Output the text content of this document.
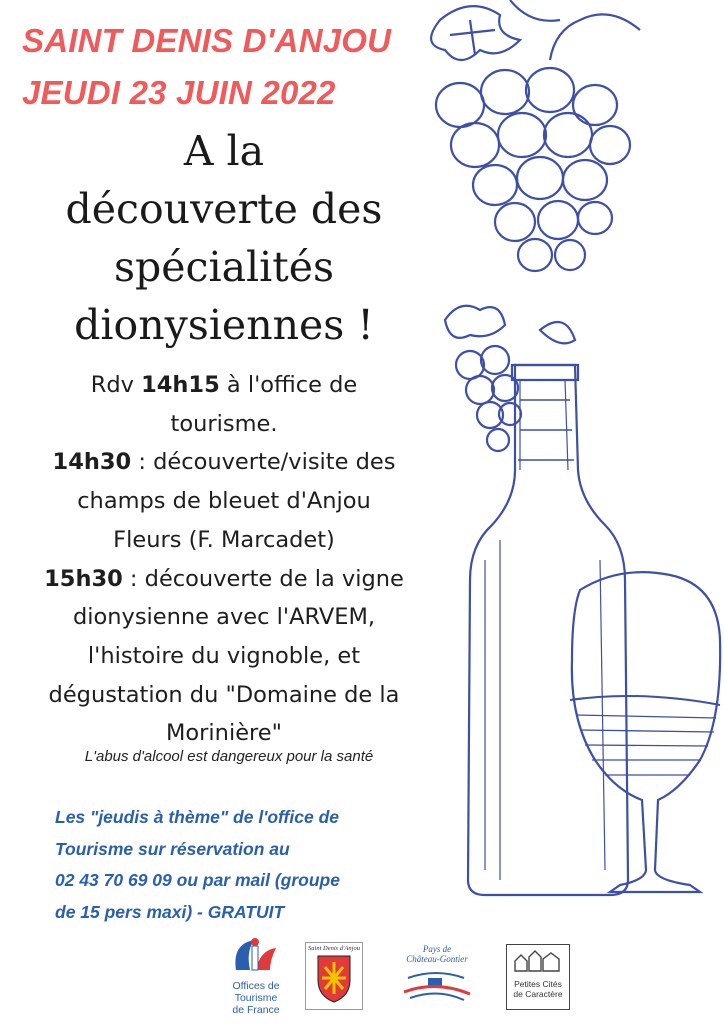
SAINT DENIS D'ANJOU
JEUDI 23 JUIN 2022
A la
découverte des
spécialités
dionysiennes !
Rdv 14h15 à l'office de
tourisme.
14h30 : découverte/visite des
champs de bleuet d'Anjou
Fleurs (F. Marcadet)
15h30 : découverte de la vigne
dionysienne avec l'ARVEM,
l'histoire du vignoble, et
dégustation du "Domaine de la
Morinière"
L'abus d'alcool est dangereux pour la santé
Les "jeudis à thème" de l'office de
Tourisme sur réservation au
02 43 70 69 09 ou par mail (groupe
de 15 pers maxi) - GRATUIT
Offices de
Tourisme
de France
Saint Denis d'Anjou	Pays de
Château-Gontier
Petites Cités
de Caractère
